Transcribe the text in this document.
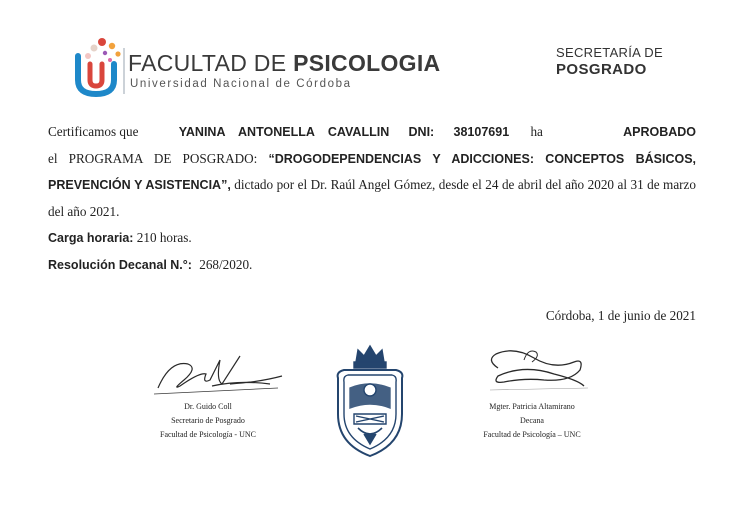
FACULTAD DE PSICOLOGIA
Universidad Nacional de Córdoba
SECRETARÍA DE
POSGRADO
Certificamos que	YANINA ANTONELLA CAVALLIN DNI: 38107691 ha	APROBADO

el PROGRAMA DE POSGRADO: “DROGODEPENDENCIAS Y ADICCIONES: CONCEPTOS BÁSICOS, PREVENCIÓN Y ASISTENCIA”, dictado por el Dr. Raúl Angel Gómez, desde el 24 de abril del año 2020 al 31 de marzo del año 2021.
Carga horaria: 210 horas.
Resolución Decanal N.°: 268/2020.
Córdoba, 1 de junio de 2021
Dr. Guido Coll
Secretario de Posgrado
Facultad de Psicología - UNC
Mgter. Patricia Altamirano
Decana
Facultad de Psicología – UNC
